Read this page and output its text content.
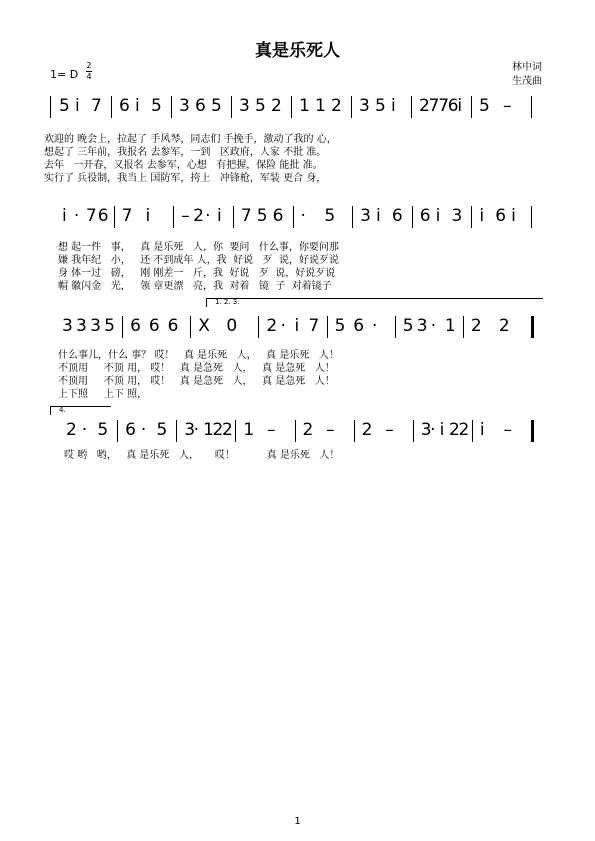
真是乐死人
林中词
生茂曲
1= D
2
4
5 i 7 6 i 5 3 6 5 3 5 2 1 1 2 3 5 i 2
7
7
6
i 5 –
欢迎的 晚会上，拉起了 手风琴，同志们 手挽手，激动了我的 心，
想起了 三年前，我报名 去参军，一到   区政府，人家 不批 准。
去年   一开春，又报名 去参军，心想   有把握，保险 能批 准。
实行了 兵役制，我当上 国防军，挎上   冲锋枪，军装 更合 身，
i · 7 6 7 i – 2 · i 7 5 6 · 5 3 i 6 6 i 3 i 6 i
想 起一件   事，   真 是乐死   人，你  要问   什么事，你要问那
嫌 我年纪   小，   还 不到成年 人，我  好说   歹  说，好说歹说
身 体一过   磅，   刚 刚差一   斤，我  好说   歹  说，好说歹说
帽 徽闪金   光，   领 章更漂   亮，我  对着   镜  子  对着镜子
1. 2. 3.
3 3 3 5 6 6 6 X 0 2 · i 7 5 6 · 5 3 · 1 2 2
什么事儿，什么 事？ 哎！   真 是乐死   人，   真 是乐死   人！
不顶用     不顶 用， 哎！   真 是急死   人，   真 是急死   人！
不顶用     不顶 用， 哎！   真 是急死   人，   真 是急死   人！
上下照     上下 照，
4.
2 · 5 6 · 5 3
· 1
2
2 1 – 2 – 2 – 3
· i 2
2 i –
哎 哟   哟，   真 是乐死   人，     哎！          真 是乐死   人！
1
